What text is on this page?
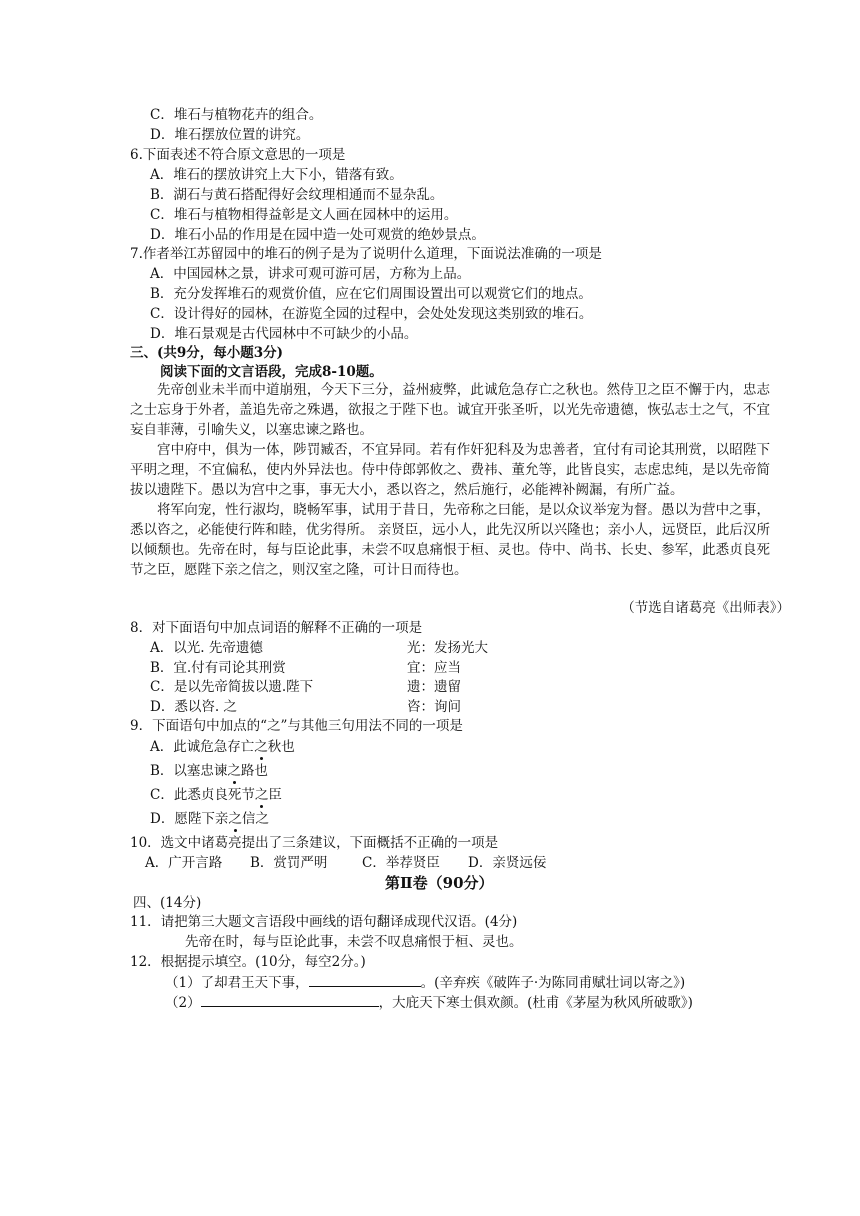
C．堆石与植物花卉的组合。
D．堆石摆放位置的讲究。
6.下面表述不符合原文意思的一项是
A．堆石的摆放讲究上大下小，错落有致。
B．湖石与黄石搭配得好会纹理相通而不显杂乱。
C．堆石与植物相得益彰是文人画在园林中的运用。
D．堆石小品的作用是在园中造一处可观赏的绝妙景点。
7.作者举江苏留园中的堆石的例子是为了说明什么道理，下面说法准确的一项是
A．中国园林之景，讲求可观可游可居，方称为上品。
B．充分发挥堆石的观赏价值，应在它们周围设置出可以观赏它们的地点。
C．设计得好的园林，在游览全园的过程中，会处处发现这类别致的堆石。
D．堆石景观是古代园林中不可缺少的小品。
三、(共9分，每小题3分)
阅读下面的文言语段，完成8-10题。

先帝创业未半而中道崩殂，今天下三分，益州疲弊，此诚危急存亡之秋也。然侍卫之臣不懈于内，忠志之士忘身于外者，盖追先帝之殊遇，欲报之于陛下也。诚宜开张圣听，以光先帝遗德，恢弘志士之气，不宜妄自菲薄，引喻失义，以塞忠谏之路也。

宫中府中，俱为一体，陟罚臧否，不宜异同。若有作奸犯科及为忠善者，宜付有司论其刑赏，以昭陛下平明之理，不宜偏私，使内外异法也。侍中侍郎郭攸之、费祎、董允等，此皆良实，志虑忠纯，是以先帝简拔以遗陛下。愚以为宫中之事，事无大小，悉以咨之，然后施行，必能裨补阙漏，有所广益。

将军向宠，性行淑均，晓畅军事，试用于昔日，先帝称之曰能，是以众议举宠为督。愚以为营中之事，悉以咨之，必能使行阵和睦，优劣得所。 亲贤臣，远小人，此先汉所以兴隆也；亲小人，远贤臣，此后汉所以倾颓也。先帝在时，每与臣论此事，未尝不叹息痛恨于桓、灵也。侍中、尚书、长史、参军，此悉贞良死节之臣，愿陛下亲之信之，则汉室之隆，可计日而待也。

（节选自诸葛亮《出师表》）
8．对下面语句中加点词语的解释不正确的一项是
A．以光. 先帝遗德	光：发扬光大
B．宜.付有司论其刑赏	宜：应当
C．是以先帝简拔以遗.陛下	遗：遗留
D．悉以咨. 之	咨：询问
9．下面语句中加点的“之”与其他三句用法不同的一项是
A．此诚危急存亡之秋也
B．以塞忠谏之路也
C．此悉贞良死节之臣
D．愿陛下亲之信之
10．选文中诸葛亮提出了三条建议，下面概括不正确的一项是
A．广开言路 B．赏罚严明	C．举荐贤臣 D．亲贤远佞
第Ⅱ卷（90分）
四、(14分)
11．请把第三大题文言语段中画线的语句翻译成现代汉语。(4分)
先帝在时，每与臣论此事，未尝不叹息痛恨于桓、灵也。
12．根据提示填空。(10分，每空2分。)
（1）了却君王天下事，	。(辛弃疾《破阵子·为陈同甫赋壮词以寄之》)
（2）	，大庇天下寒士俱欢颜。(杜甫《茅屋为秋风所破歌》)
